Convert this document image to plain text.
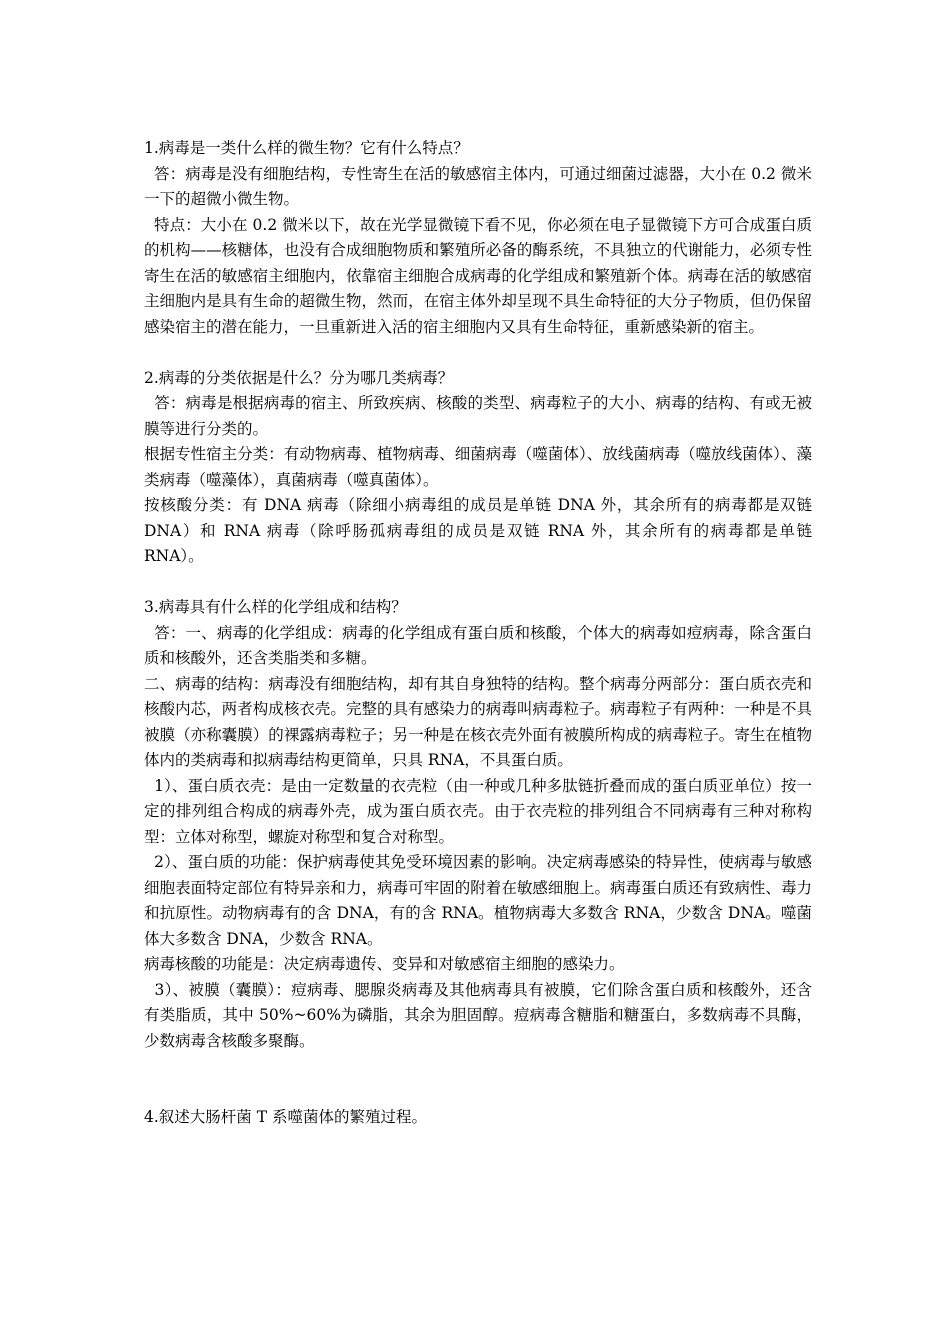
1.病毒是一类什么样的微生物？它有什么特点？

答：病毒是没有细胞结构，专性寄生在活的敏感宿主体内，可通过细菌过滤器，大小在 0.2 微米一下的超微小微生物。

特点：大小在 0.2 微米以下，故在光学显微镜下看不见，你必须在电子显微镜下方可合成蛋白质的机构——核糖体，也没有合成细胞物质和繁殖所必备的酶系统，不具独立的代谢能力，必须专性寄生在活的敏感宿主细胞内，依靠宿主细胞合成病毒的化学组成和繁殖新个体。病毒在活的敏感宿主细胞内是具有生命的超微生物，然而，在宿主体外却呈现不具生命特征的大分子物质，但仍保留感染宿主的潜在能力，一旦重新进入活的宿主细胞内又具有生命特征，重新感染新的宿主。

2.病毒的分类依据是什么？分为哪几类病毒？

答：病毒是根据病毒的宿主、所致疾病、核酸的类型、病毒粒子的大小、病毒的结构、有或无被膜等进行分类的。

根据专性宿主分类：有动物病毒、植物病毒、细菌病毒（噬菌体）、放线菌病毒（噬放线菌体）、藻类病毒（噬藻体），真菌病毒（噬真菌体）。

按核酸分类：有 DNA 病毒（除细小病毒组的成员是单链 DNA 外，其余所有的病毒都是双链 DNA）和 RNA 病毒（除呼肠孤病毒组的成员是双链 RNA 外，其余所有的病毒都是单链 RNA）。

3.病毒具有什么样的化学组成和结构？

答：一、病毒的化学组成：病毒的化学组成有蛋白质和核酸，个体大的病毒如痘病毒，除含蛋白质和核酸外，还含类脂类和多糖。

二、病毒的结构：病毒没有细胞结构，却有其自身独特的结构。整个病毒分两部分：蛋白质衣壳和核酸内芯，两者构成核衣壳。完整的具有感染力的病毒叫病毒粒子。病毒粒子有两种：一种是不具被膜（亦称囊膜）的裸露病毒粒子；另一种是在核衣壳外面有被膜所构成的病毒粒子。寄生在植物体内的类病毒和拟病毒结构更简单，只具 RNA，不具蛋白质。

1）、蛋白质衣壳：是由一定数量的衣壳粒（由一种或几种多肽链折叠而成的蛋白质亚单位）按一定的排列组合构成的病毒外壳，成为蛋白质衣壳。由于衣壳粒的排列组合不同病毒有三种对称构型：立体对称型，螺旋对称型和复合对称型。

2）、蛋白质的功能：保护病毒使其免受环境因素的影响。决定病毒感染的特异性，使病毒与敏感细胞表面特定部位有特异亲和力，病毒可牢固的附着在敏感细胞上。病毒蛋白质还有致病性、毒力和抗原性。动物病毒有的含 DNA，有的含 RNA。植物病毒大多数含 RNA，少数含 DNA。噬菌体大多数含 DNA，少数含 RNA。

病毒核酸的功能是：决定病毒遗传、变异和对敏感宿主细胞的感染力。

3）、被膜（囊膜）：痘病毒、腮腺炎病毒及其他病毒具有被膜，它们除含蛋白质和核酸外，还含有类脂质，其中 50%~60%为磷脂，其余为胆固醇。痘病毒含糖脂和糖蛋白，多数病毒不具酶，少数病毒含核酸多聚酶。

4.叙述大肠杆菌 T 系噬菌体的繁殖过程。
